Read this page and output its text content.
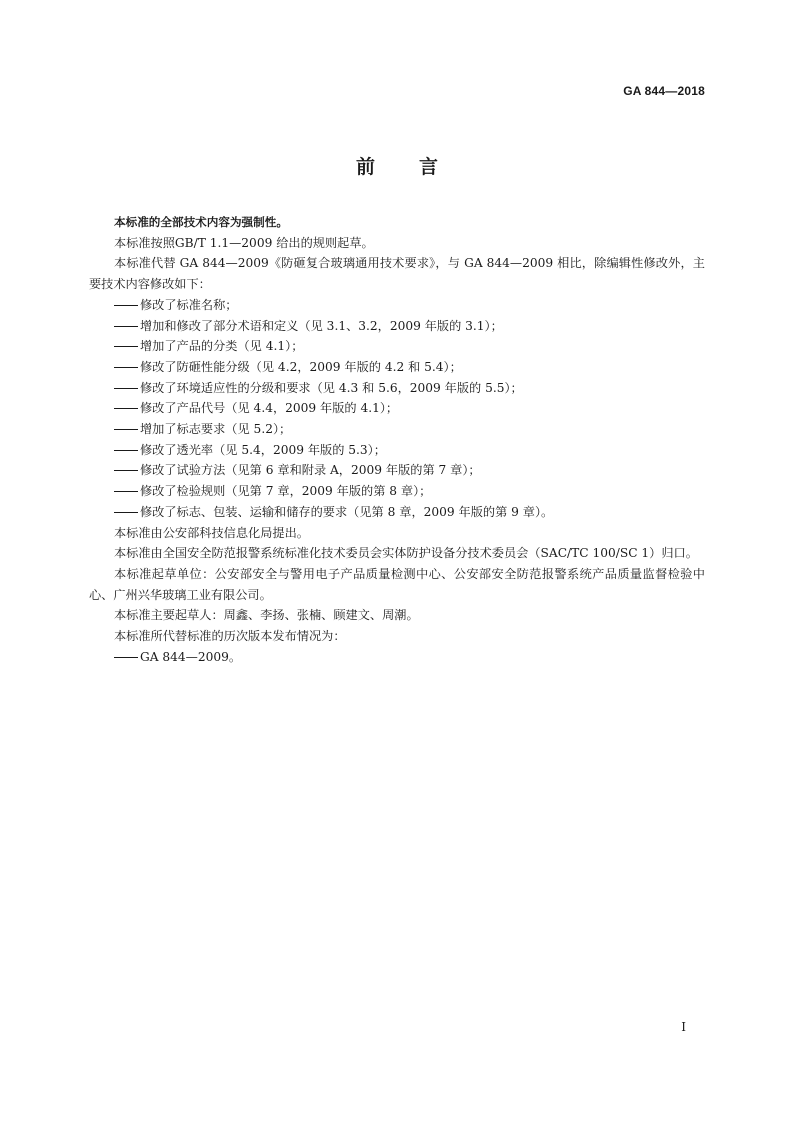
GA 844—2018
前言

本标准的全部技术内容为强制性。

本标准按照GB/T 1.1—2009 给出的规则起草。

本标准代替 GA 844—2009《防砸复合玻璃通用技术要求》，与 GA 844—2009 相比，除编辑性修改外，主要技术内容修改如下：

修改了标准名称；
增加和修改了部分术语和定义（见 3.1、3.2，2009 年版的 3.1）；
增加了产品的分类（见 4.1）；
修改了防砸性能分级（见 4.2，2009 年版的 4.2 和 5.4）；
修改了环境适应性的分级和要求（见 4.3 和 5.6，2009 年版的 5.5）；
修改了产品代号（见 4.4，2009 年版的 4.1）；
增加了标志要求（见 5.2）；
修改了透光率（见 5.4，2009 年版的 5.3）；
修改了试验方法（见第 6 章和附录 A，2009 年版的第 7 章）；
修改了检验规则（见第 7 章，2009 年版的第 8 章）；
修改了标志、包装、运输和储存的要求（见第 8 章，2009 年版的第 9 章）。

本标准由公安部科技信息化局提出。

本标准由全国安全防范报警系统标准化技术委员会实体防护设备分技术委员会（SAC/TC 100/SC 1）归口。

本标准起草单位：公安部安全与警用电子产品质量检测中心、公安部安全防范报警系统产品质量监督检验中心、广州兴华玻璃工业有限公司。

本标准主要起草人：周鑫、李扬、张楠、顾建文、周潮。

本标准所代替标准的历次版本发布情况为：

GA 844—2009。
I
